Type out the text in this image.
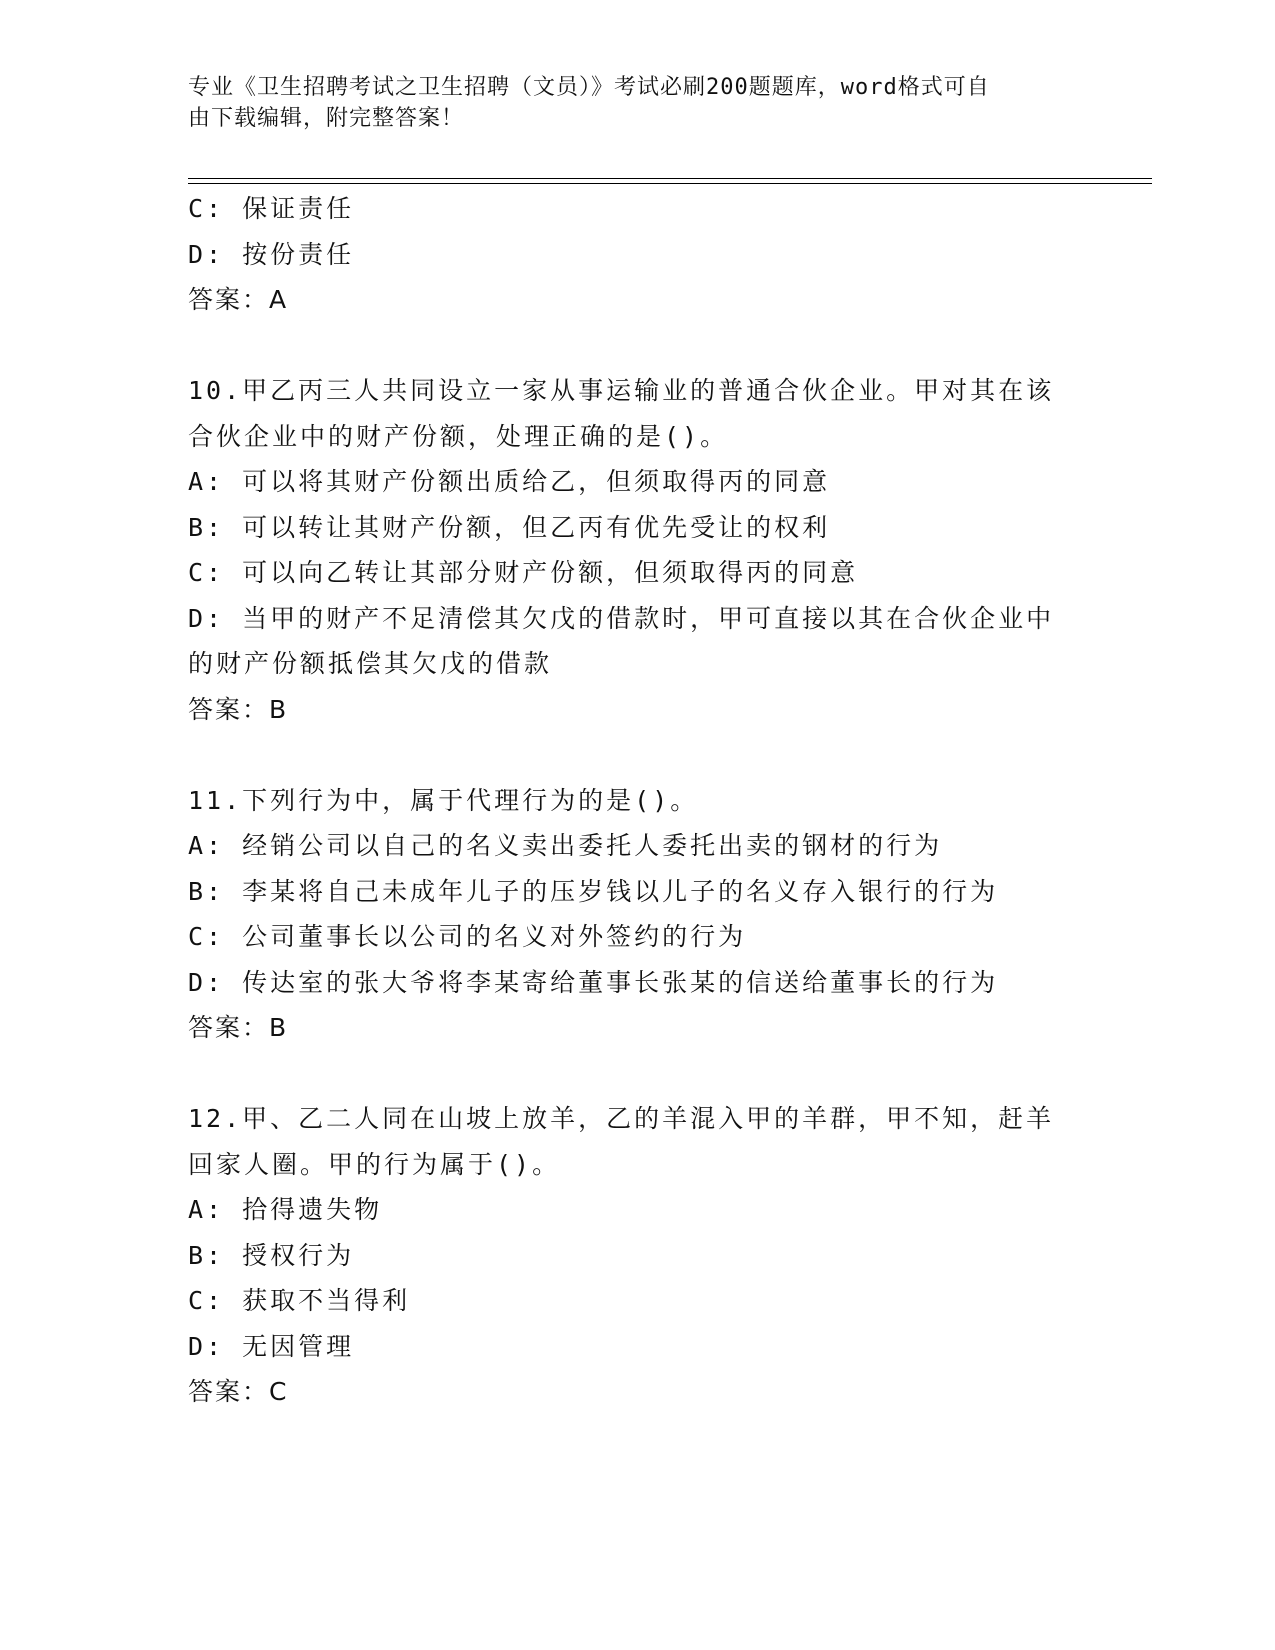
专业《卫生招聘考试之卫生招聘（文员）》考试必刷200题题库，word格式可自
由下载编辑，附完整答案！
C: 保证责任
D: 按份责任
答案：A
10.甲乙丙三人共同设立一家从事运输业的普通合伙企业。甲对其在该
合伙企业中的财产份额，处理正确的是()。
A: 可以将其财产份额出质给乙，但须取得丙的同意
B: 可以转让其财产份额，但乙丙有优先受让的权利
C: 可以向乙转让其部分财产份额，但须取得丙的同意
D: 当甲的财产不足清偿其欠戊的借款时，甲可直接以其在合伙企业中
的财产份额抵偿其欠戊的借款
答案：B
11.下列行为中，属于代理行为的是()。
A: 经销公司以自己的名义卖出委托人委托出卖的钢材的行为
B: 李某将自己未成年儿子的压岁钱以儿子的名义存入银行的行为
C: 公司董事长以公司的名义对外签约的行为
D: 传达室的张大爷将李某寄给董事长张某的信送给董事长的行为
答案：B
12.甲、乙二人同在山坡上放羊，乙的羊混入甲的羊群，甲不知，赶羊
回家人圈。甲的行为属于()。
A: 拾得遗失物
B: 授权行为
C: 获取不当得利
D: 无因管理
答案：C
